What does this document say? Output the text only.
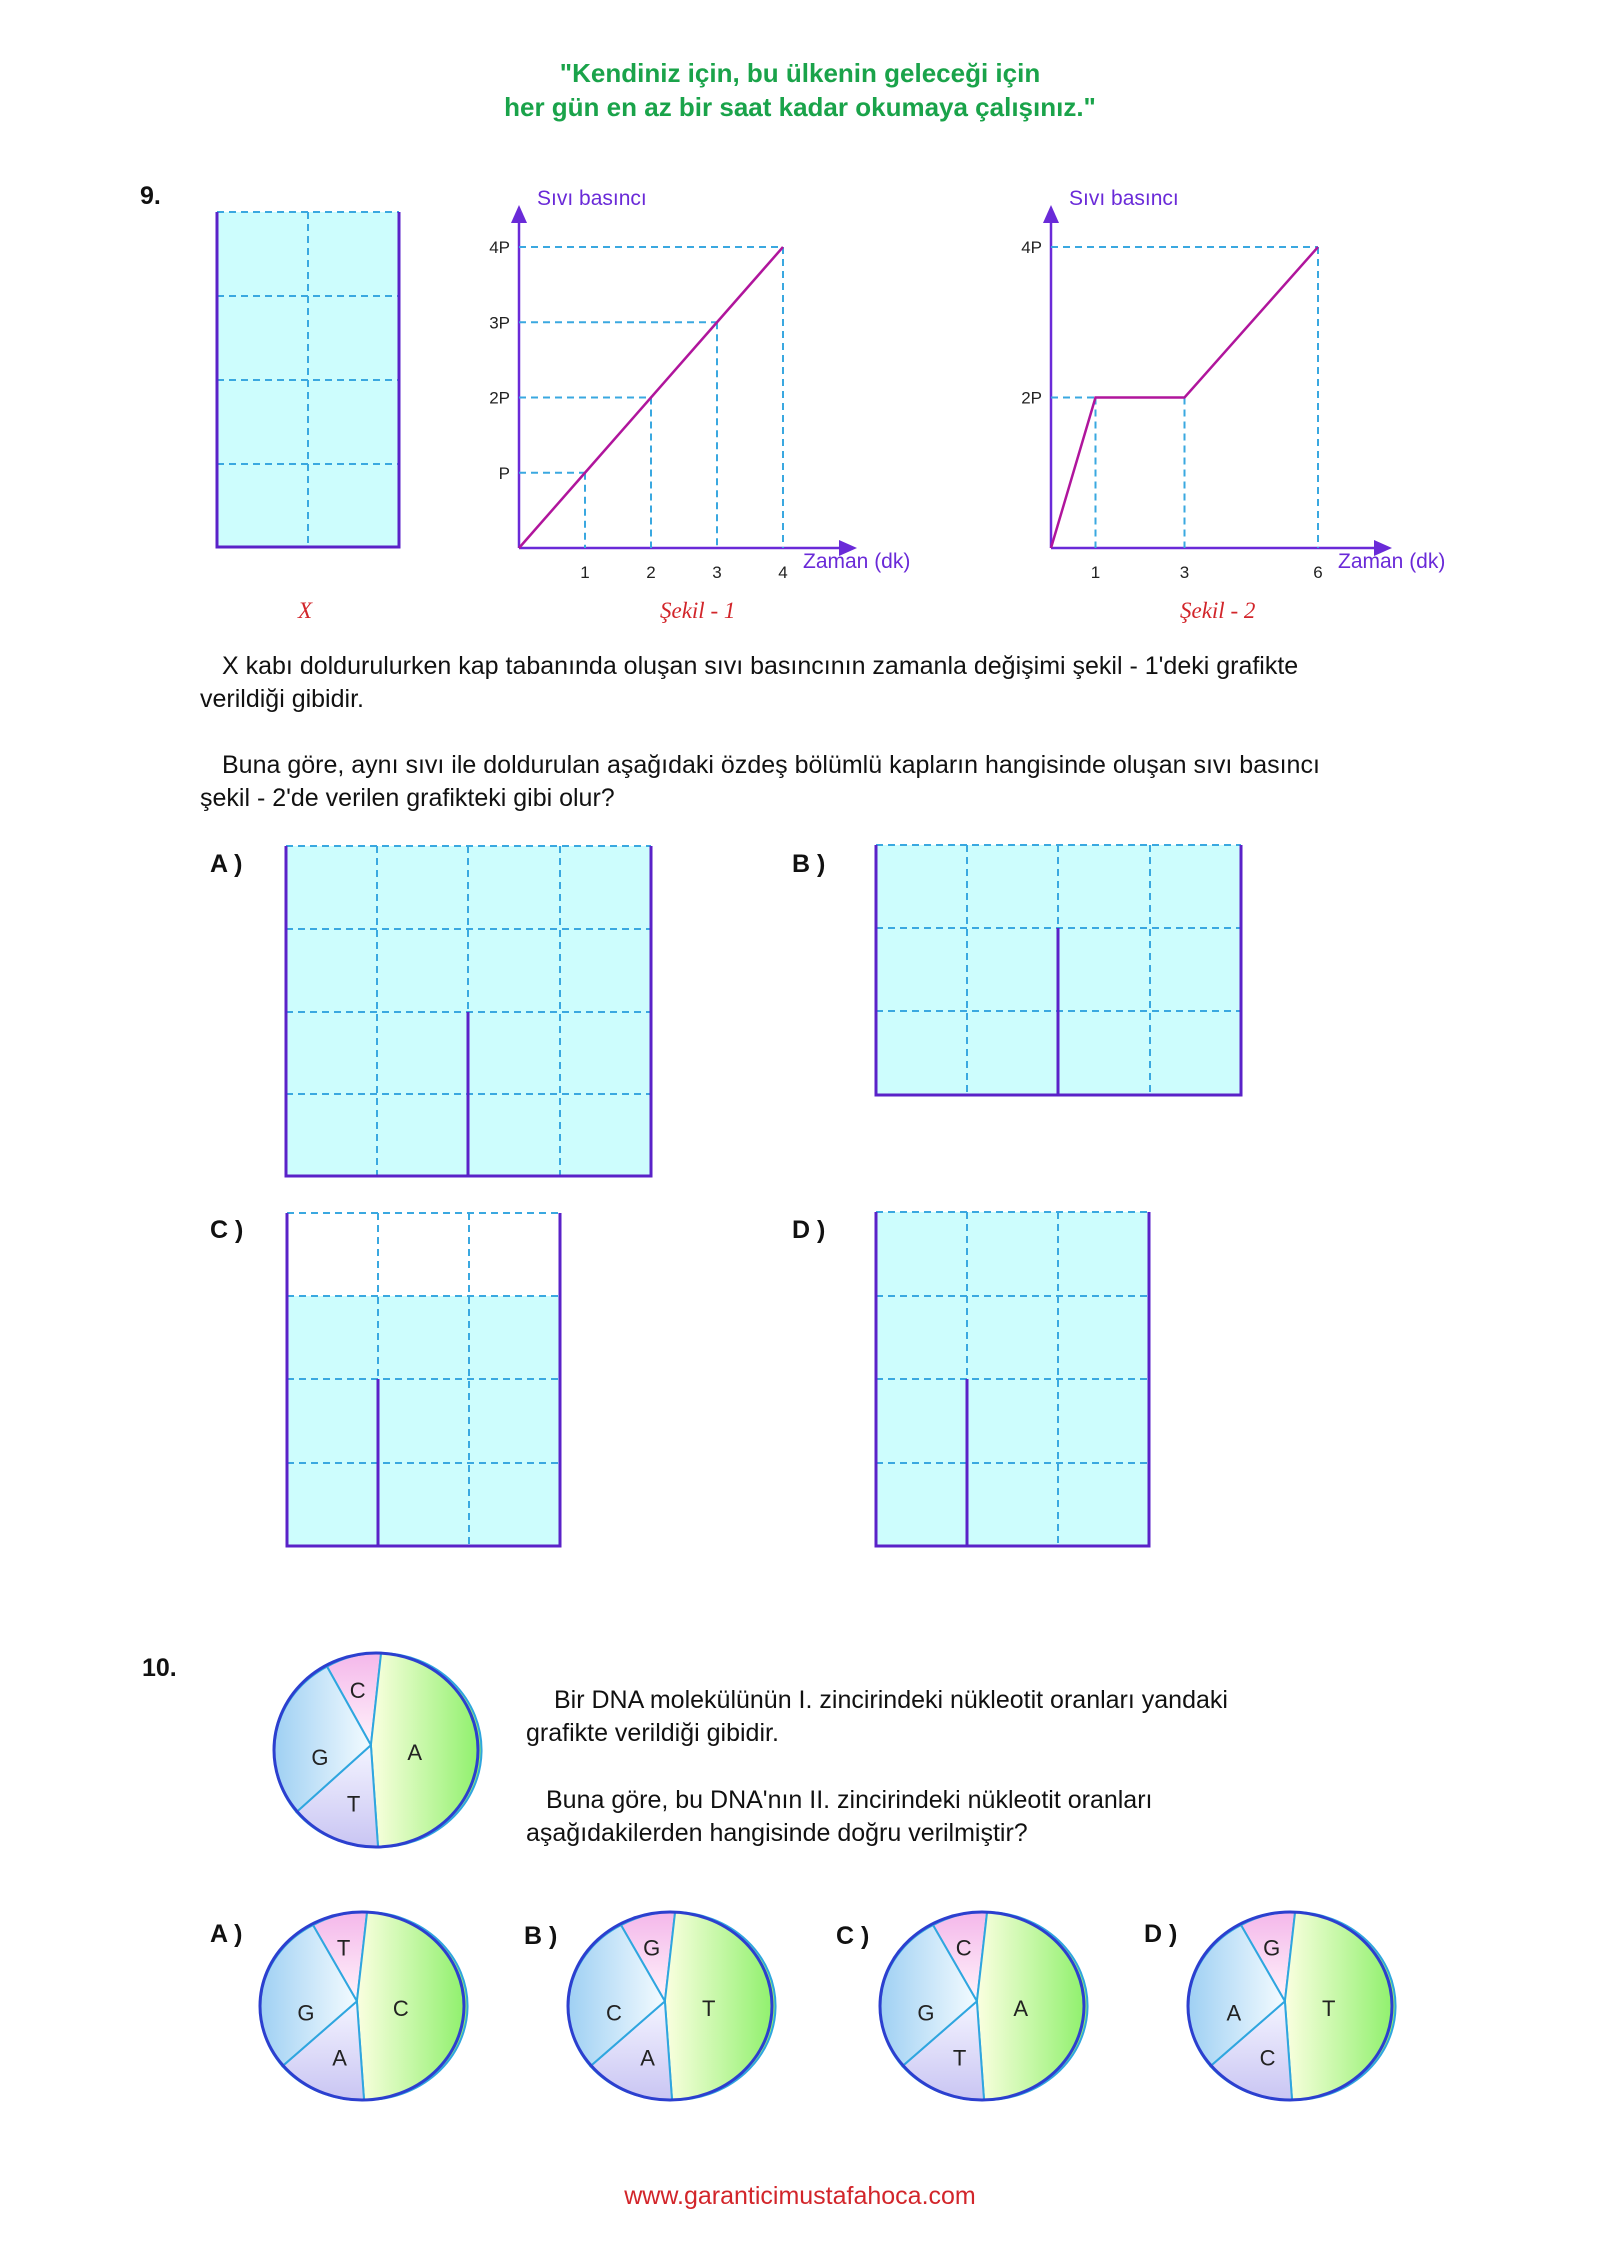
"Kendiniz için, bu ülkenin geleceği için
her gün en az bir saat kadar okumaya çalışınız."
9.
1	2	3	4
P
2P
3P
4P
Zaman (dk)
Sıvı basıncı
1	3	6
2P
4P
Zaman (dk)
Sıvı basıncı
X	Şekil - 1	Şekil - 2
X kabı doldurulurken kap tabanında oluşan sıvı basıncının zamanla değişimi şekil - 1'deki grafikte
verildiği gibidir.
Buna göre, aynı sıvı ile doldurulan aşağıdaki özdeş bölümlü kapların hangisinde oluşan sıvı basıncı
şekil - 2'de verilen grafikteki gibi olur?
A )	B )
C )	D )
10.
Bir DNA molekülünün I. zincirindeki nükleotit oranları yandaki
grafikte verildiği gibidir.
Buna göre, bu DNA'nın II. zincirindeki nükleotit oranları
aşağıdakilerden hangisinde doğru verilmiştir?
A )	B )	C )	D )
C
A
T
G
T
C
A
G
G
T
A
C
C
A
T
G
G
T
C
A
www.garanticimustafahoca.com
